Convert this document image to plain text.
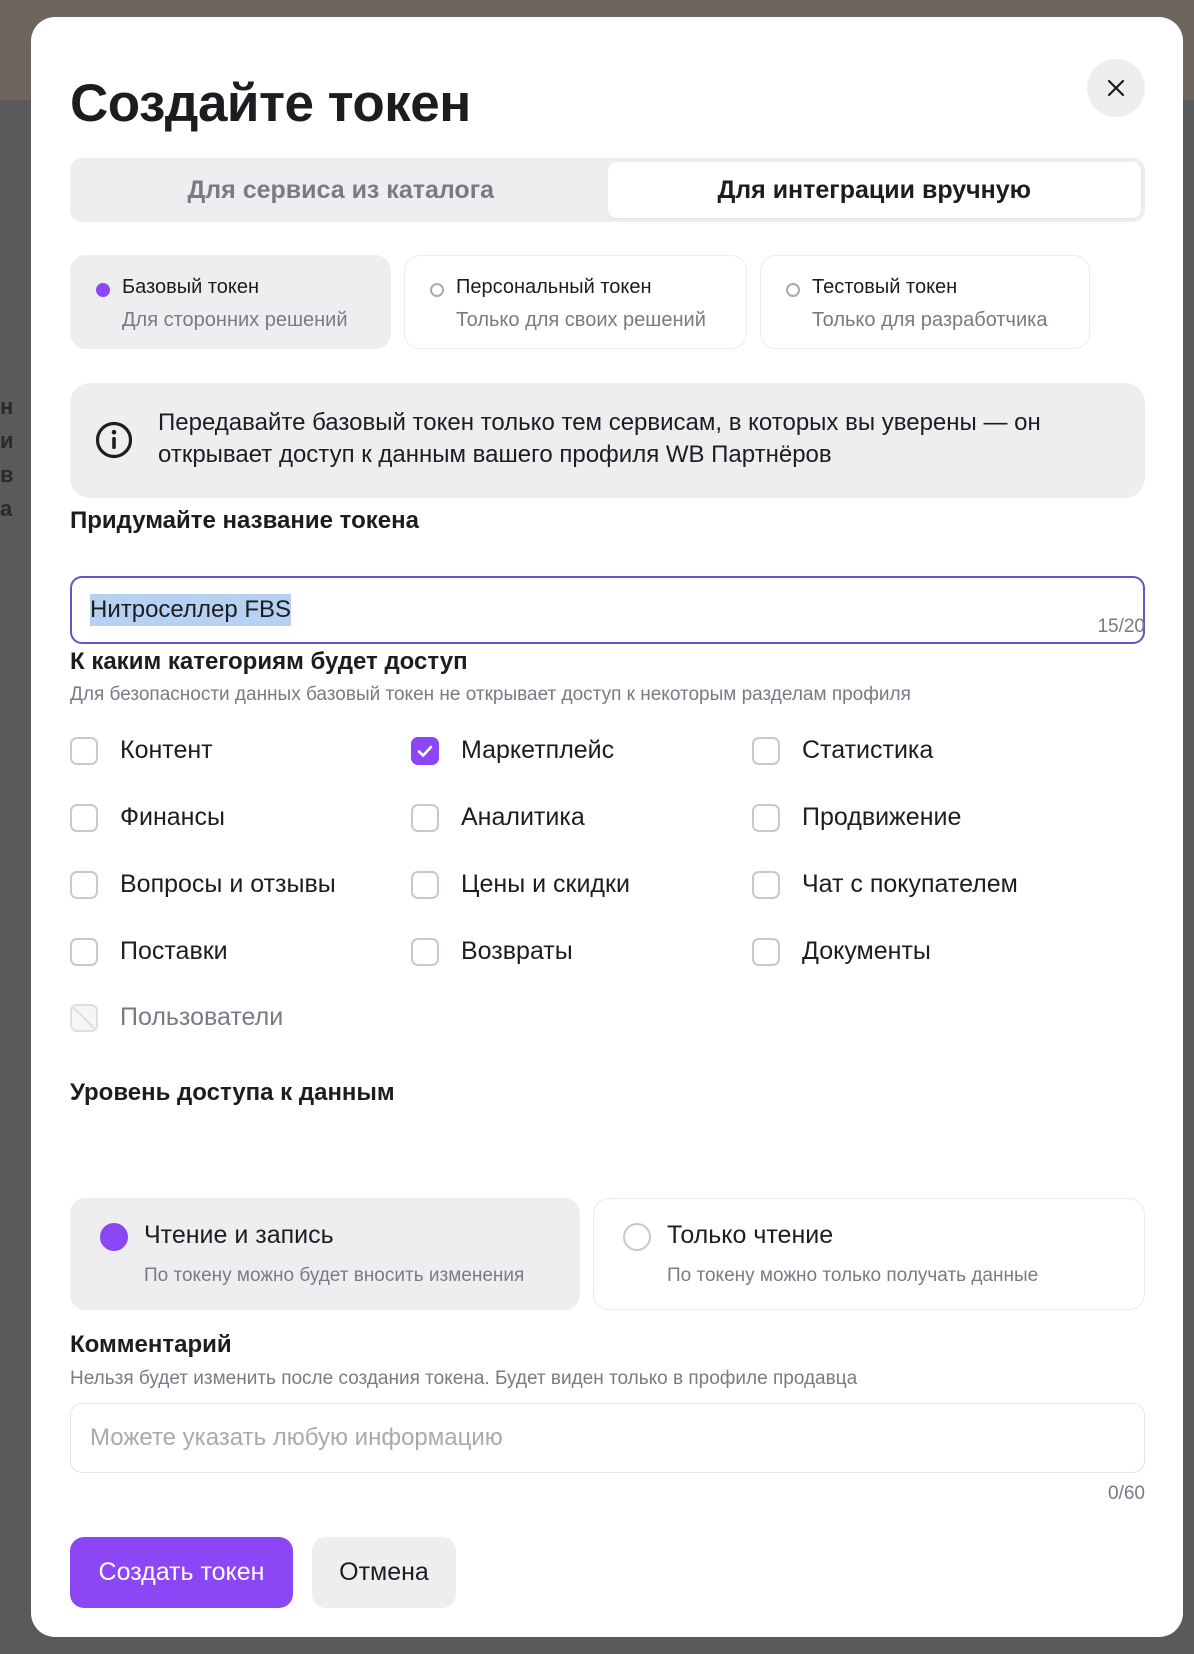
н
и
в
а
Создайте токен
Для сервиса из каталога	Для интеграции вручную
Базовый токен
Для сторонних решений
Персональный токен
Только для своих решений
Тестовый токен
Только для разработчика
Передавайте базовый токен только тем сервисам, в которых вы уверены — он открывает доступ к данным вашего профиля WB Партнёров
Придумайте название токена
Нитроселлер FBS
15/20
К каким категориям будет доступ
Для безопасности данных базовый токен не открывает доступ к некоторым разделам профиля
Контент	Маркетплейс	Статистика
Финансы	Аналитика	Продвижение
Вопросы и отзывы	Цены и скидки	Чат с покупателем
Поставки	Возвраты	Документы
Пользователи
Уровень доступа к данным
Чтение и запись
По токену можно будет вносить изменения
Только чтение
По токену можно только получать данные
Комментарий
Нельзя будет изменить после создания токена. Будет виден только в профиле продавца
Можете указать любую информацию
0/60
Создать токен	Отмена
